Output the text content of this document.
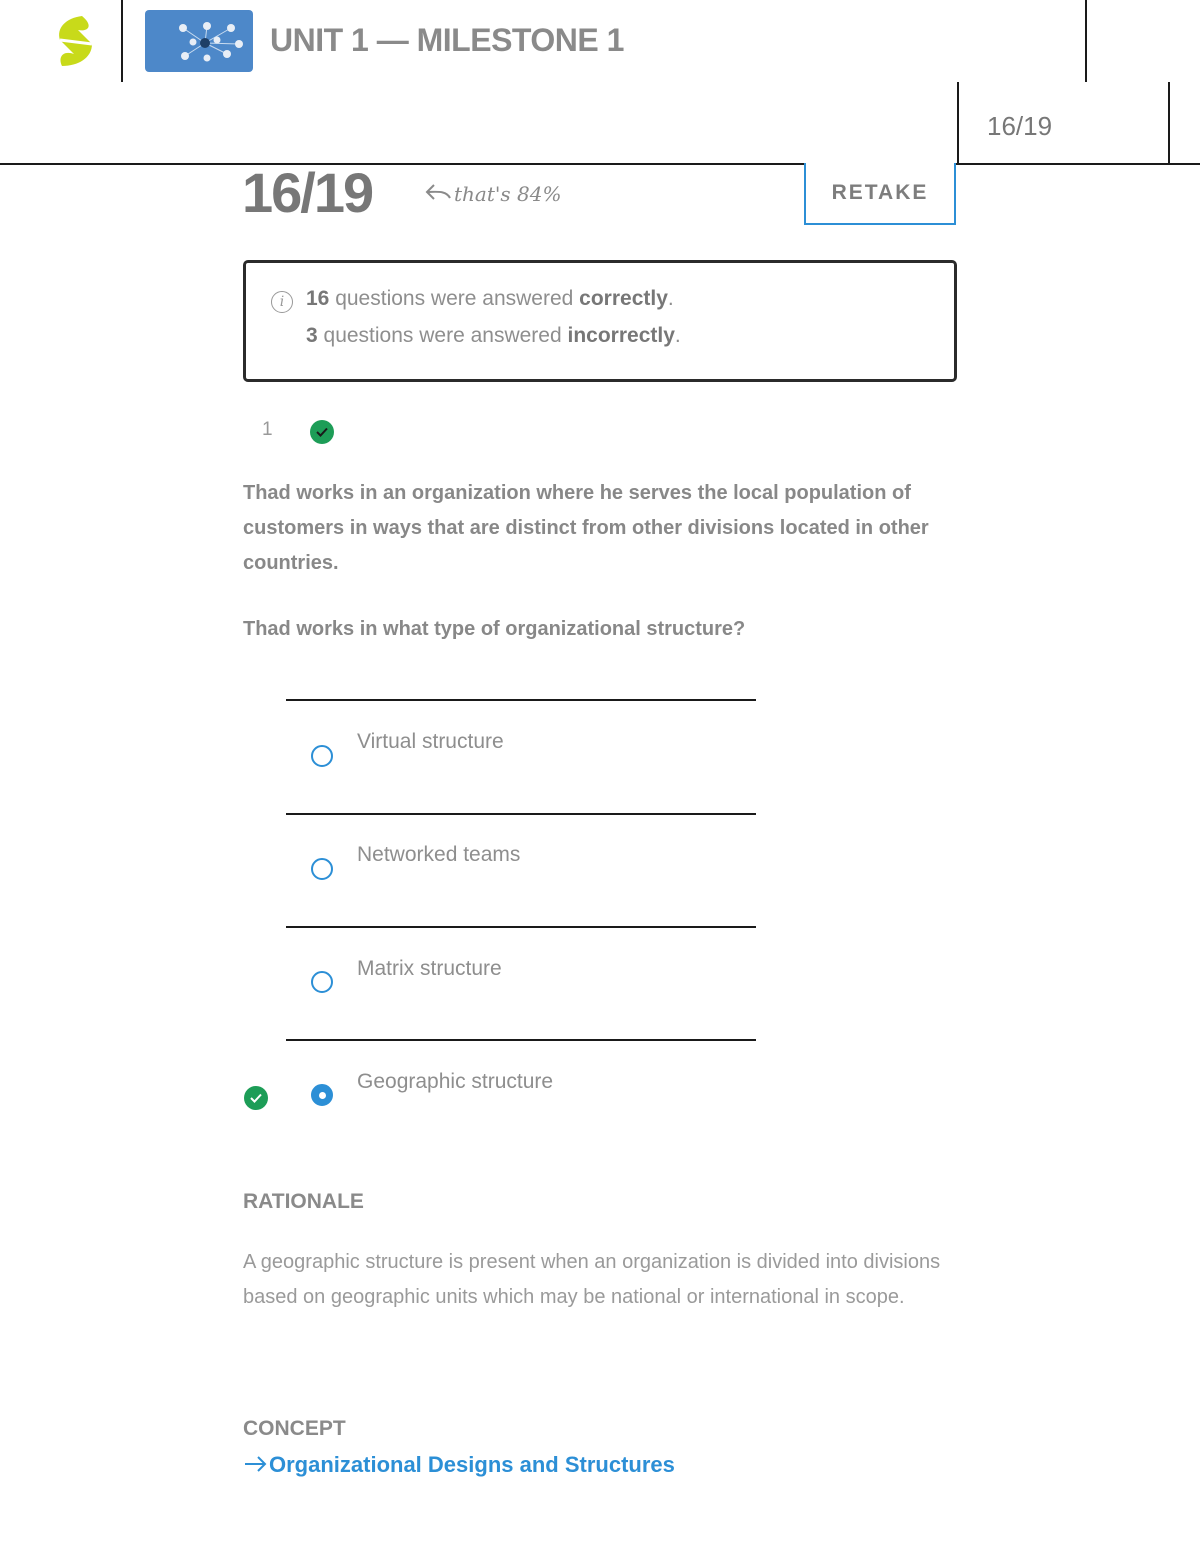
UNIT 1 — MILESTONE 1
16/19
16/19	that's 84%	RETAKE
i	16 questions were answered correctly.
3 questions were answered incorrectly.
1
Thad works in an organization where he serves the local population of customers in ways that are distinct from other divisions located in other countries.
Thad works in what type of organizational structure?
Virtual structure
Networked teams
Matrix structure
Geographic structure
RATIONALE
A geographic structure is present when an organization is divided into divisions based on geographic units which may be national or international in scope.
CONCEPT
Organizational Designs and Structures
